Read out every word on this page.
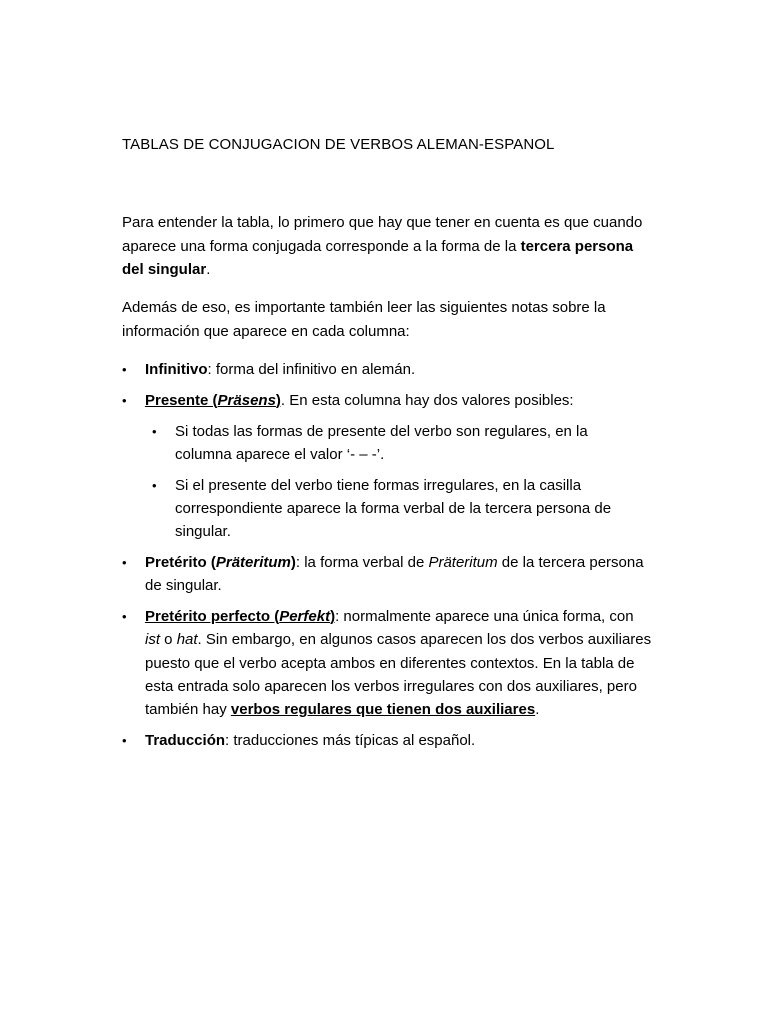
TABLAS DE CONJUGACION DE VERBOS ALEMAN-ESPANOL

Para entender la tabla, lo primero que hay que tener en cuenta es que cuando aparece una forma conjugada corresponde a la forma de la tercera persona del singular.

Además de eso, es importante también leer las siguientes notas sobre la información que aparece en cada columna:

• Infinitivo: forma del infinitivo en alemán.
• Presente (Präsens). En esta columna hay dos valores posibles:
• Si todas las formas de presente del verbo son regulares, en la columna aparece el valor ‘- – -’.
• Si el presente del verbo tiene formas irregulares, en la casilla correspondiente aparece la forma verbal de la tercera persona de singular.
• Pretérito (Präteritum): la forma verbal de Präteritum de la tercera persona de singular.
• Pretérito perfecto (Perfekt): normalmente aparece una única forma, con ist o hat. Sin embargo, en algunos casos aparecen los dos verbos auxiliares puesto que el verbo acepta ambos en diferentes contextos. En la tabla de esta entrada solo aparecen los verbos irregulares con dos auxiliares, pero también hay verbos regulares que tienen dos auxiliares.
• Traducción: traducciones más típicas al español.
